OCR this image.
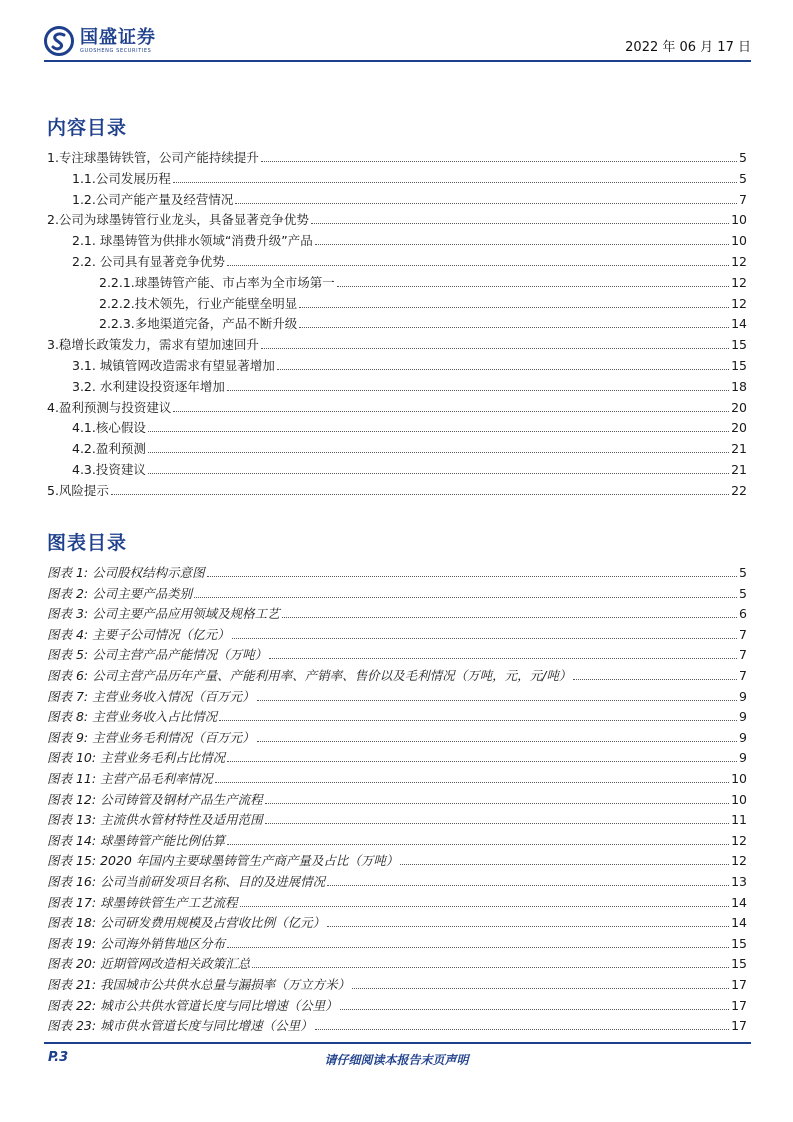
国盛证券
GUOSHENG SECURITIES	2022 年 06 月 17 日
内容目录
1.专注球墨铸铁管，公司产能持续提升	5
1.1.公司发展历程	5
1.2.公司产能产量及经营情况	7
2.公司为球墨铸管行业龙头，具备显著竞争优势	10
2.1. 球墨铸管为供排水领域“消费升级”产品	10
2.2. 公司具有显著竞争优势	12
2.2.1.球墨铸管产能、市占率为全市场第一	12
2.2.2.技术领先，行业产能壁垒明显	12
2.2.3.多地渠道完备，产品不断升级	14
3.稳增长政策发力，需求有望加速回升	15
3.1. 城镇管网改造需求有望显著增加	15
3.2. 水利建设投资逐年增加	18
4.盈利预测与投资建议	20
4.1.核心假设	20
4.2.盈利预测	21
4.3.投资建议	21
5.风险提示	22
图表目录
图表 1: 公司股权结构示意图	5
图表 2: 公司主要产品类别	5
图表 3: 公司主要产品应用领域及规格工艺	6
图表 4: 主要子公司情况（亿元）	7
图表 5: 公司主营产品产能情况（万吨）	7
图表 6: 公司主营产品历年产量、产能利用率、产销率、售价以及毛利情况（万吨，元，元/吨）	7
图表 7: 主营业务收入情况（百万元）	9
图表 8: 主营业务收入占比情况	9
图表 9: 主营业务毛利情况（百万元）	9
图表 10: 主营业务毛利占比情况	9
图表 11: 主营产品毛利率情况	10
图表 12: 公司铸管及钢材产品生产流程	10
图表 13: 主流供水管材特性及适用范围	11
图表 14: 球墨铸管产能比例估算	12
图表 15: 2020 年国内主要球墨铸管生产商产量及占比（万吨）	12
图表 16: 公司当前研发项目名称、目的及进展情况	13
图表 17: 球墨铸铁管生产工艺流程	14
图表 18: 公司研发费用规模及占营收比例（亿元）	14
图表 19: 公司海外销售地区分布	15
图表 20: 近期管网改造相关政策汇总	15
图表 21: 我国城市公共供水总量与漏损率（万立方米）	17
图表 22: 城市公共供水管道长度与同比增速（公里）	17
图表 23: 城市供水管道长度与同比增速（公里）	17
P.3	请仔细阅读本报告末页声明
